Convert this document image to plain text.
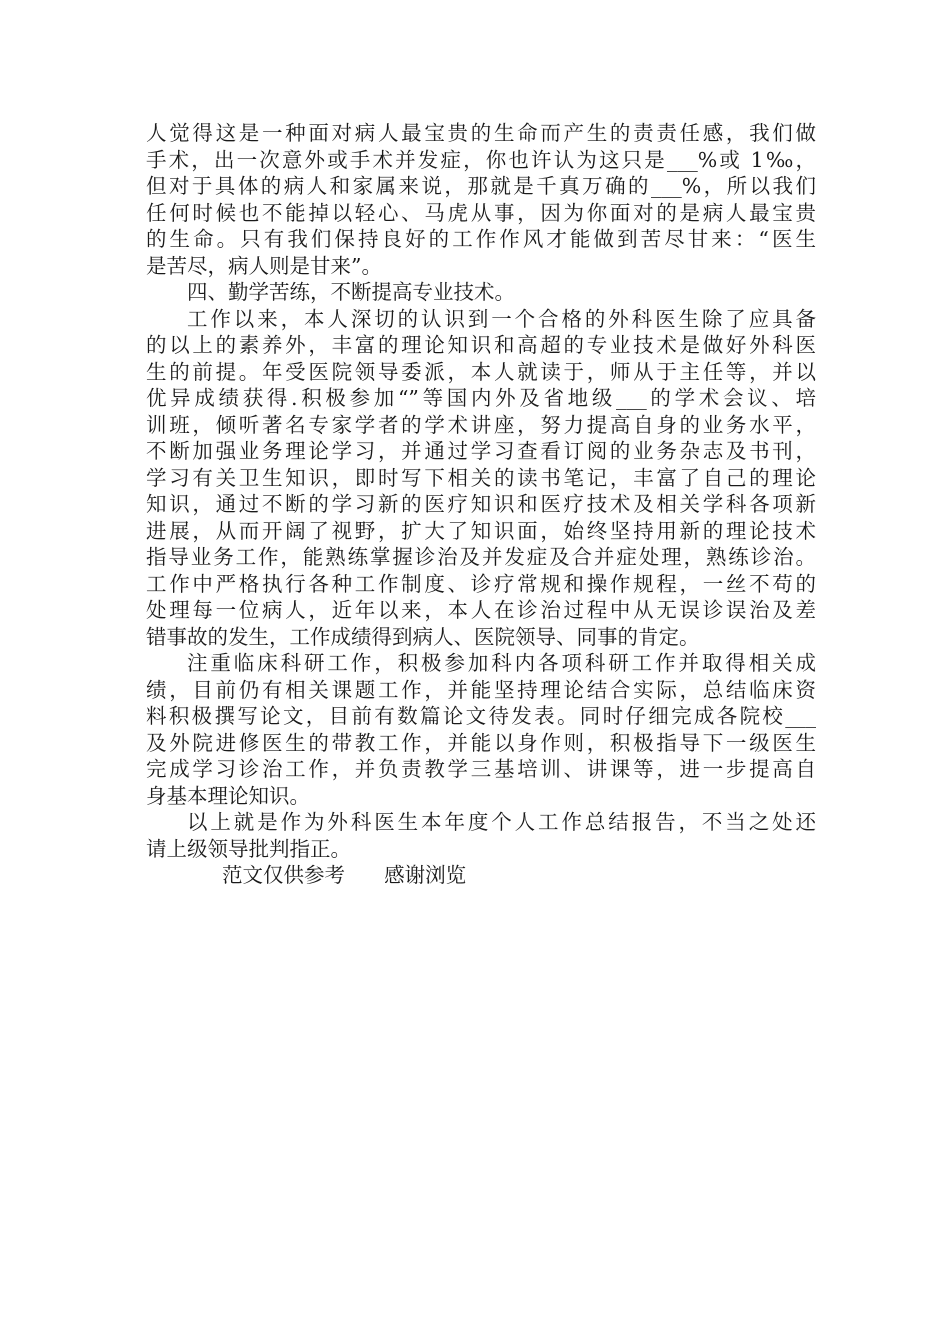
人觉得这是一种面对病人最宝贵的生命而产生的责责任感，我们做
手术，出一次意外或手术并发症，你也许认为这只是___%或 1‰，
但对于具体的病人和家属来说，那就是千真万确的___%，所以我们
任何时候也不能掉以轻心、马虎从事，因为你面对的是病人最宝贵
的生命。只有我们保持良好的工作作风才能做到苦尽甘来：“医生
是苦尽，病人则是甘来”。
四、勤学苦练，不断提高专业技术。
工作以来，本人深切的认识到一个合格的外科医生除了应具备
的以上的素养外，丰富的理论知识和高超的专业技术是做好外科医
生的前提。年受医院领导委派，本人就读于，师从于主任等，并以
优异成绩获得.积极参加“”等国内外及省地级___的学术会议、培
训班，倾听著名专家学者的学术讲座，努力提高自身的业务水平，
不断加强业务理论学习，并通过学习查看订阅的业务杂志及书刊，
学习有关卫生知识，即时写下相关的读书笔记，丰富了自己的理论
知识，通过不断的学习新的医疗知识和医疗技术及相关学科各项新
进展，从而开阔了视野，扩大了知识面，始终坚持用新的理论技术
指导业务工作，能熟练掌握诊治及并发症及合并症处理，熟练诊治。
工作中严格执行各种工作制度、诊疗常规和操作规程，一丝不苟的
处理每一位病人，近年以来，本人在诊治过程中从无误诊误治及差
错事故的发生，工作成绩得到病人、医院领导、同事的肯定。
注重临床科研工作，积极参加科内各项科研工作并取得相关成
绩，目前仍有相关课题工作，并能坚持理论结合实际，总结临床资
料积极撰写论文，目前有数篇论文待发表。同时仔细完成各院校___
及外院进修医生的带教工作，并能以身作则，积极指导下一级医生
完成学习诊治工作，并负责教学三基培训、讲课等，进一步提高自
身基本理论知识。
以上就是作为外科医生本年度个人工作总结报告，不当之处还
请上级领导批判指正。
范文仅供参考      感谢浏览
